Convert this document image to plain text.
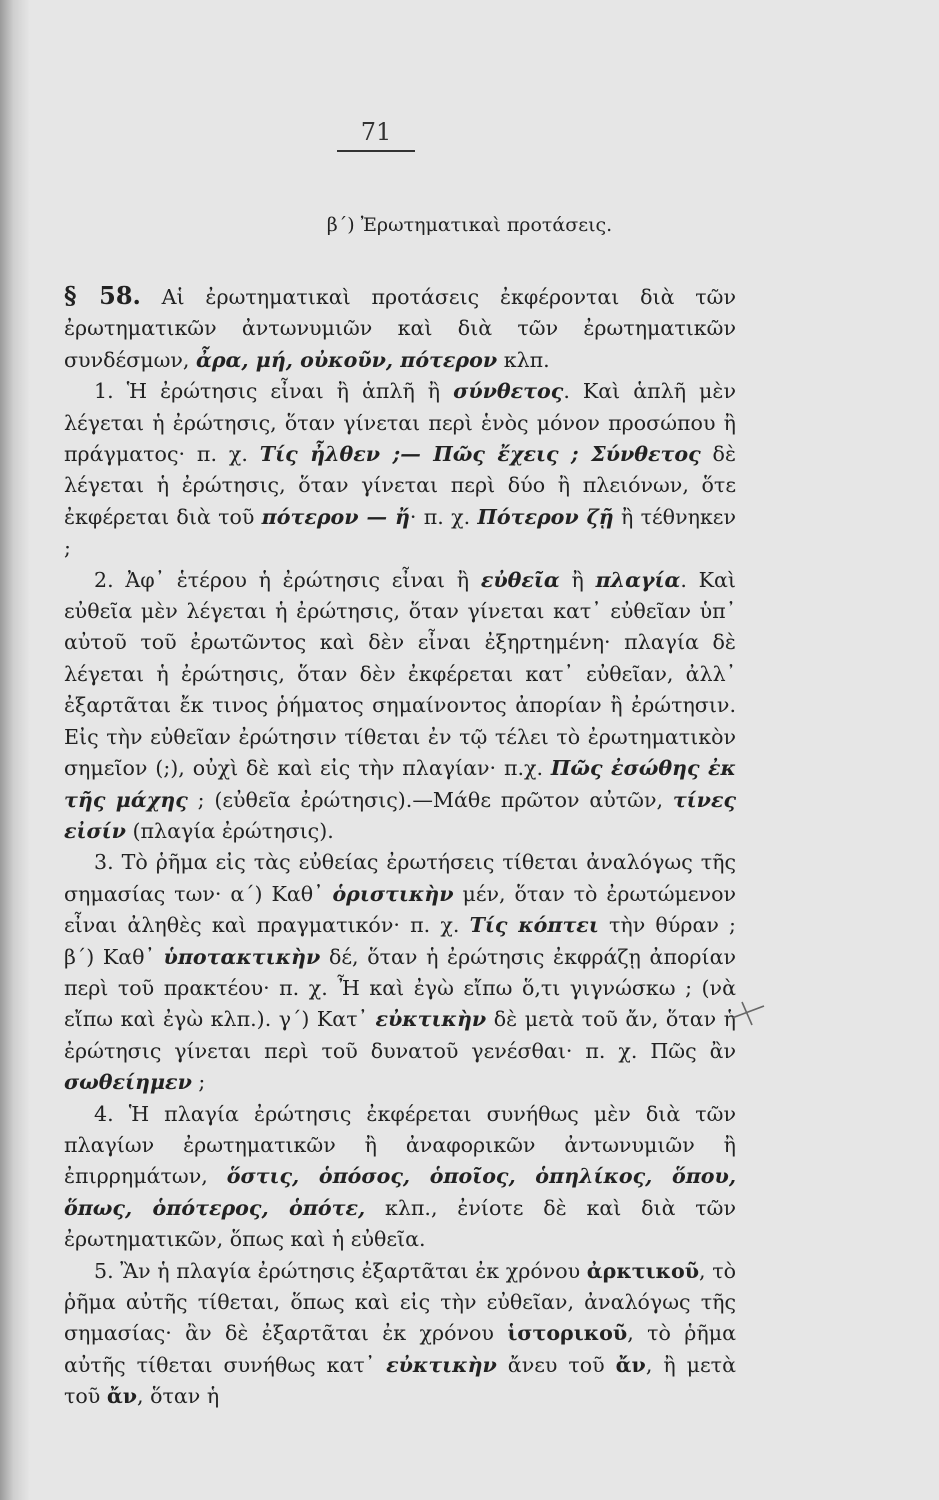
71
β΄) Ἐρωτηματικαὶ προτάσεις.

§ 58. Αἱ ἐρωτηματικαὶ προτάσεις ἐκφέρονται διὰ τῶν ἐρωτηματικῶν ἀντωνυμιῶν καὶ διὰ τῶν ἐρωτηματικῶν συνδέσμων, ἆρα, μή, οὐκοῦν, πότερον κλπ.

1. Ἡ ἐρώτησις εἶναι ἢ ἁπλῆ ἢ σύνθετος. Καὶ ἁπλῆ μὲν λέγεται ἡ ἐρώτησις, ὅταν γίνεται περὶ ἑνὸς μόνον προσώπου ἢ πράγματος· π. χ. Τίς ἦλθεν ;— Πῶς ἔχεις ; Σύνθετος δὲ λέγεται ἡ ἐρώτησις, ὅταν γίνεται περὶ δύο ἢ πλειόνων, ὅτε ἐκφέρεται διὰ τοῦ πότερον — ἤ· π. χ. Πότερον ζῇ ἢ τέθνηκεν ;

2. Ἀφ᾽ ἑτέρου ἡ ἐρώτησις εἶναι ἢ εὐθεῖα ἢ πλαγία. Καὶ εὐθεῖα μὲν λέγεται ἡ ἐρώτησις, ὅταν γίνεται κατ᾽ εὐθεῖαν ὑπ᾽ αὐτοῦ τοῦ ἐρωτῶντος καὶ δὲν εἶναι ἐξηρτημένη· πλαγία δὲ λέγεται ἡ ἐρώτησις, ὅταν δὲν ἐκφέρεται κατ᾽ εὐθεῖαν, ἀλλ᾽ ἐξαρτᾶται ἔκ τινος ῥήματος σημαίνοντος ἀπορίαν ἢ ἐρώτησιν. Εἰς τὴν εὐθεῖαν ἐρώτησιν τίθεται ἐν τῷ τέλει τὸ ἐρωτηματικὸν σημεῖον (;), οὐχὶ δὲ καὶ εἰς τὴν πλαγίαν· π.χ. Πῶς ἐσώθης ἐκ τῆς μάχης ; (εὐθεῖα ἐρώτησις).—Μάθε πρῶτον αὐτῶν, τίνες εἰσίν (πλαγία ἐρώτησις).

3. Τὸ ῥῆμα εἰς τὰς εὐθείας ἐρωτήσεις τίθεται ἀναλόγως τῆς σημασίας των· α΄) Καθ᾽ ὁριστικὴν μέν, ὅταν τὸ ἐρωτώμενον εἶναι ἀληθὲς καὶ πραγματικόν· π. χ. Τίς κόπτει τὴν θύραν ; β΄) Καθ᾽ ὑποτακτικὴν δέ, ὅταν ἡ ἐρώτησις ἐκφράζῃ ἀπορίαν περὶ τοῦ πρακτέου· π. χ. Ἦ καὶ ἐγὼ εἴπω ὅ,τι γιγνώσκω ; (νὰ εἴπω καὶ ἐγὼ κλπ.). γ΄) Κατ᾽ εὐκτικὴν δὲ μετὰ τοῦ ἄν, ὅταν ἡ ἐρώτησις γίνεται περὶ τοῦ δυνατοῦ γενέσθαι· π. χ. Πῶς ἂν σωθείημεν ;

4. Ἡ πλαγία ἐρώτησις ἐκφέρεται συνήθως μὲν διὰ τῶν πλαγίων ἐρωτηματικῶν ἢ ἀναφορικῶν ἀντωνυμιῶν ἢ ἐπιρρημάτων, ὅστις, ὁπόσος, ὁποῖος, ὁπηλίκος, ὅπου, ὅπως, ὁπότερος, ὁπότε, κλπ., ἐνίοτε δὲ καὶ διὰ τῶν ἐρωτηματικῶν, ὅπως καὶ ἡ εὐθεῖα.

5. Ἂν ἡ πλαγία ἐρώτησις ἐξαρτᾶται ἐκ χρόνου ἀρκτικοῦ, τὸ ῥῆμα αὐτῆς τίθεται, ὅπως καὶ εἰς τὴν εὐθεῖαν, ἀναλόγως τῆς σημασίας· ἂν δὲ ἐξαρτᾶται ἐκ χρόνου ἱστορικοῦ, τὸ ῥῆμα αὐτῆς τίθεται συνήθως κατ᾽ εὐκτικὴν ἄνευ τοῦ ἄν, ἢ μετὰ τοῦ ἄν, ὅταν ἡ
